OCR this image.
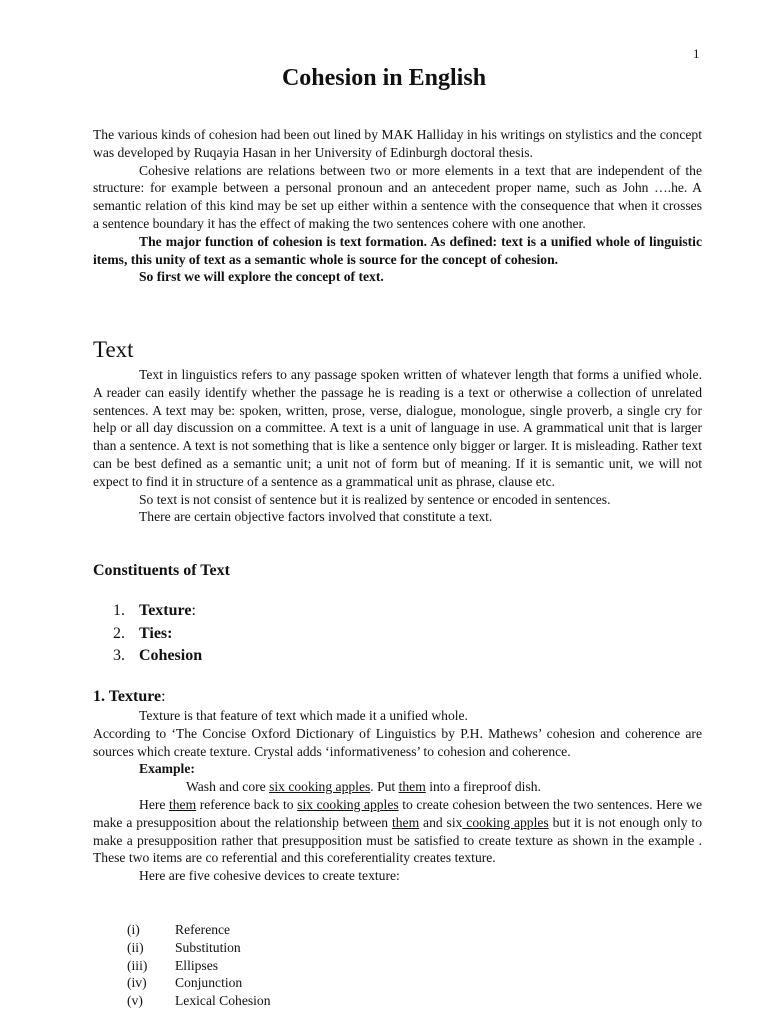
1
Cohesion in English

The various kinds of cohesion had been out lined by MAK Halliday in his writings on stylistics and the concept was developed by Ruqayia Hasan in her University of Edinburgh doctoral thesis.

Cohesive relations are relations between two or more elements in a text that are independent of the structure: for example between a personal pronoun and an antecedent proper name, such as John ….he. A semantic relation of this kind may be set up either within a sentence with the consequence that when it crosses a sentence boundary it has the effect of making the two sentences cohere with one another.

The major function of cohesion is text formation. As defined: text is a unified whole of linguistic items, this unity of text as a semantic whole is source for the concept of cohesion.

So first we will explore the concept of text.

Text

Text in linguistics refers to any passage spoken written of whatever length that forms a unified whole. A reader can easily identify whether the passage he is reading is a text or otherwise a collection of unrelated sentences. A text may be: spoken, written, prose, verse, dialogue, monologue, single proverb, a single cry for help or all day discussion on a committee. A text is a unit of language in use. A grammatical unit that is larger than a sentence. A text is not something that is like a sentence only bigger or larger. It is misleading. Rather text can be best defined as a semantic unit; a unit not of form but of meaning. If it is semantic unit, we will not expect to find it in structure of a sentence as a grammatical unit as phrase, clause etc.

So text is not consist of sentence but it is realized by sentence or encoded in sentences.

There are certain objective factors involved that constitute a text.

Constituents of Text
1. Texture:
2. Ties:
3. Cohesion
1. Texture:

Texture is that feature of text which made it a unified whole.

According to ‘The Concise Oxford Dictionary of Linguistics by P.H. Mathews’ cohesion and coherence are sources which create texture. Crystal adds ‘informativeness’ to cohesion and coherence.

Example:

Wash and core six cooking apples. Put them into a fireproof dish.

Here them reference back to six cooking apples to create cohesion between the two sentences. Here we make a presupposition about the relationship between them and six cooking apples but it is not enough only to make a presupposition rather that presupposition must be satisfied to create texture as shown in the example . These two items are co referential and this coreferentiality creates texture.

Here are five cohesive devices to create texture:

(i)	Reference
(ii) Substitution
(iii) Ellipses
(iv) Conjunction
(v) Lexical Cohesion
